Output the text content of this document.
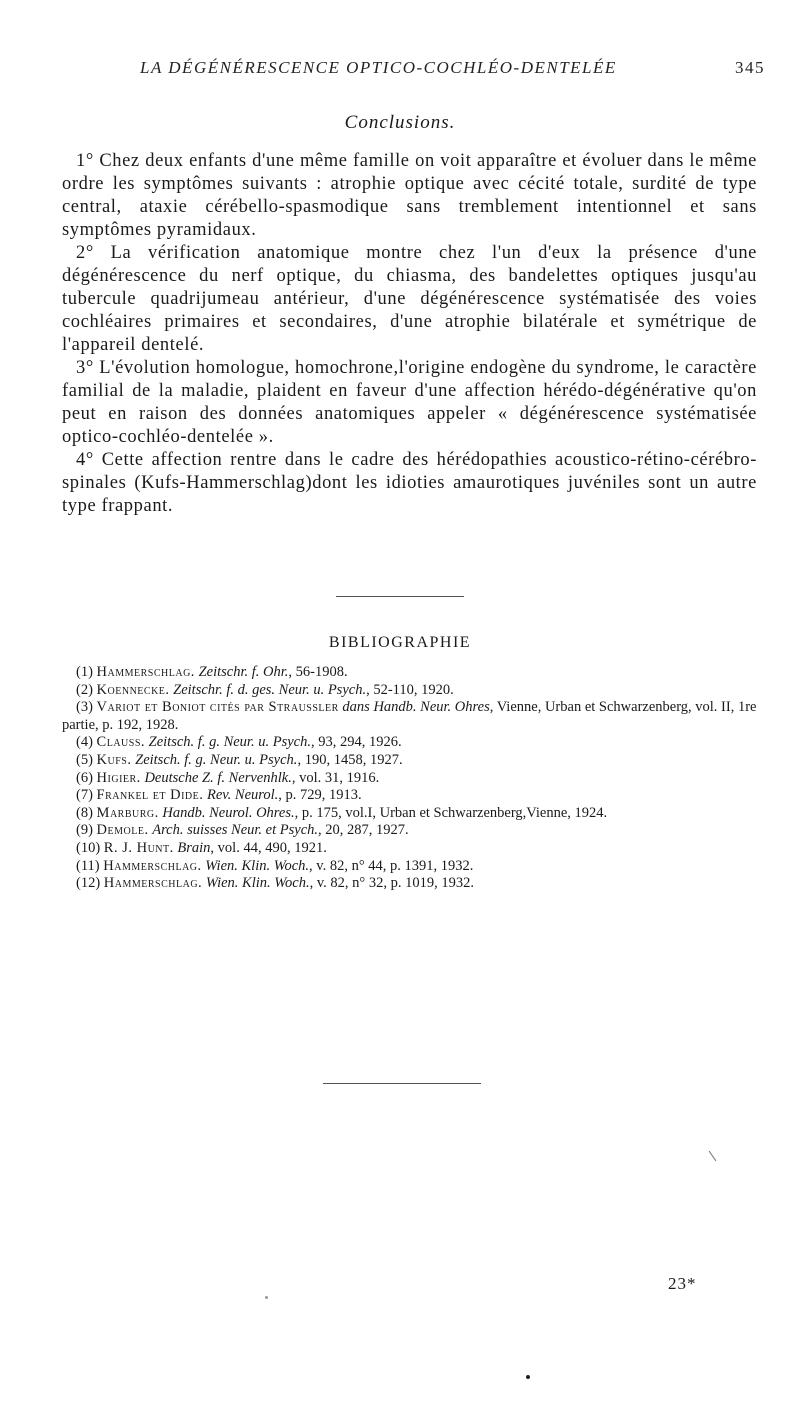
LA DÉGÉNÉRESCENCE OPTICO-COCHLÉO-DENTELÉE	345
Conclusions.

1° Chez deux enfants d'une même famille on voit apparaître et évoluer dans le même ordre les symptômes suivants : atrophie optique avec cécité totale, surdité de type central, ataxie cérébello-spasmodique sans tremblement intentionnel et sans symptômes pyramidaux.

2° La vérification anatomique montre chez l'un d'eux la présence d'une dégénérescence du nerf optique, du chiasma, des bandelettes optiques jusqu'au tubercule quadrijumeau antérieur, d'une dégénérescence systématisée des voies cochléaires primaires et secondaires, d'une atrophie bilatérale et symétrique de l'appareil dentelé.

3° L'évolution homologue, homochrone,l'origine endogène du syndrome, le caractère familial de la maladie, plaident en faveur d'une affection hérédo-dégénérative qu'on peut en raison des données anatomiques appeler « dégénérescence systématisée optico-cochléo-dentelée ».

4° Cette affection rentre dans le cadre des hérédopathies acoustico-rétino-cérébro-spinales (Kufs-Hammerschlag)dont les idioties amaurotiques juvéniles sont un autre type frappant.

BIBLIOGRAPHIE

(1) Hammerschlag. Zeitschr. f. Ohr., 56-1908.

(2) Koennecke. Zeitschr. f. d. ges. Neur. u. Psych., 52-110, 1920.

(3) Variot et Boniot cités par Straussler dans Handb. Neur. Ohres, Vienne, Urban et Schwarzenberg, vol. II, 1re partie, p. 192, 1928.

(4) Clauss. Zeitsch. f. g. Neur. u. Psych., 93, 294, 1926.

(5) Kufs. Zeitsch. f. g. Neur. u. Psych., 190, 1458, 1927.

(6) Higier. Deutsche Z. f. Nervenhlk., vol. 31, 1916.

(7) Frankel et Dide. Rev. Neurol., p. 729, 1913.

(8) Marburg. Handb. Neurol. Ohres., p. 175, vol.I, Urban et Schwarzenberg,Vienne, 1924.

(9) Demole. Arch. suisses Neur. et Psych., 20, 287, 1927.

(10) R. J. Hunt. Brain, vol. 44, 490, 1921.

(11) Hammerschlag. Wien. Klin. Woch., v. 82, n° 44, p. 1391, 1932.

(12) Hammerschlag. Wien. Klin. Woch., v. 82, n° 32, p. 1019, 1932.

23*
